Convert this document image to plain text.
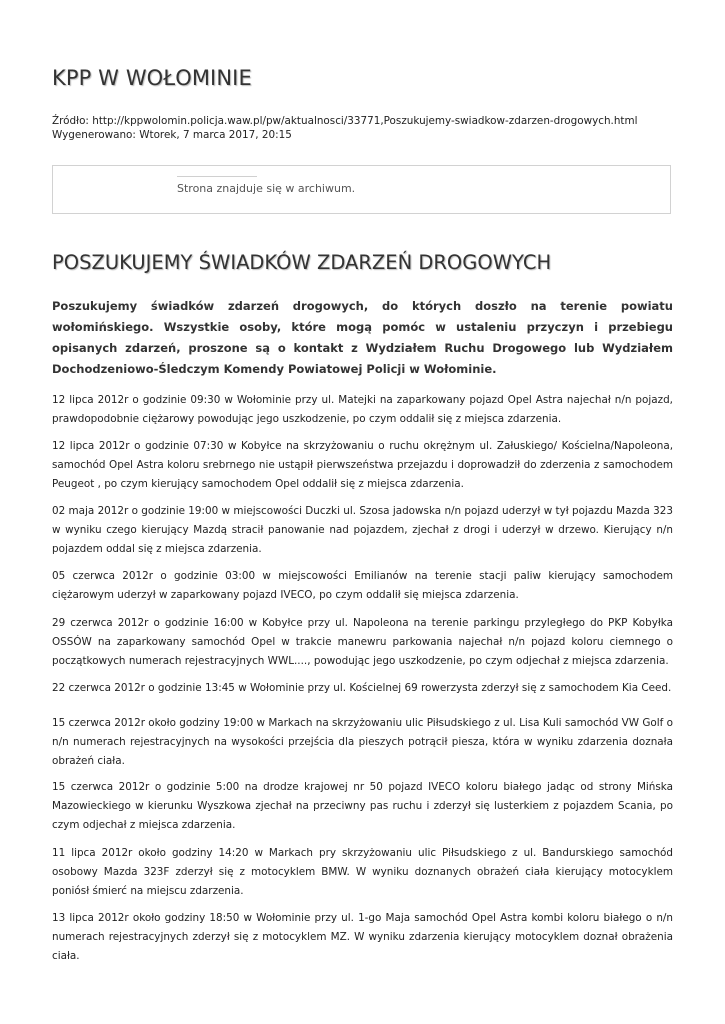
KPP W WOŁOMINIE
Źródło: http://kppwolomin.policja.waw.pl/pw/aktualnosci/33771,Poszukujemy-swiadkow-zdarzen-drogowych.html
Wygenerowano: Wtorek, 7 marca 2017, 20:15
Strona znajduje się w archiwum.
POSZUKUJEMY ŚWIADKÓW ZDARZEŃ DROGOWYCH

Poszukujemy świadków zdarzeń drogowych, do których doszło na terenie powiatu wołomińskiego. Wszystkie osoby, które mogą pomóc w ustaleniu przyczyn i przebiegu opisanych zdarzeń, proszone są o kontakt z Wydziałem Ruchu Drogowego lub Wydziałem Dochodzeniowo-Śledczym Komendy Powiatowej Policji w Wołominie.

12 lipca 2012r o godzinie 09:30 w Wołominie przy ul. Matejki na zaparkowany pojazd Opel Astra najechał n/n pojazd, prawdopodobnie ciężarowy powodując jego uszkodzenie, po czym oddalił się z miejsca zdarzenia.

12 lipca 2012r o godzinie 07:30 w Kobyłce na skrzyżowaniu o ruchu okrężnym ul. Załuskiego/ Kościelna/Napoleona, samochód Opel Astra koloru srebrnego nie ustąpił pierwszeństwa przejazdu i doprowadził do zderzenia z samochodem Peugeot , po czym kierujący samochodem Opel oddalił się z miejsca zdarzenia.

02 maja 2012r o godzinie 19:00 w miejscowości Duczki ul. Szosa jadowska n/n pojazd uderzył w tył pojazdu Mazda 323 w wyniku czego kierujący Mazdą stracił panowanie nad pojazdem, zjechał z drogi i uderzył w drzewo. Kierujący n/n pojazdem oddal się z miejsca zdarzenia.

05 czerwca 2012r o godzinie 03:00 w miejscowości Emilianów na terenie stacji paliw kierujący samochodem ciężarowym uderzył w zaparkowany pojazd IVECO, po czym oddalił się miejsca zdarzenia.

29 czerwca 2012r o godzinie 16:00 w Kobyłce przy ul. Napoleona na terenie parkingu przyległego do PKP Kobyłka OSSÓW na zaparkowany samochód Opel w trakcie manewru parkowania najechał n/n pojazd koloru ciemnego o początkowych numerach rejestracyjnych WWL...., powodując jego uszkodzenie, po czym odjechał z miejsca zdarzenia.

22 czerwca 2012r o godzinie 13:45 w Wołominie przy ul. Kościelnej 69 rowerzysta zderzył się z samochodem Kia Ceed.

15 czerwca 2012r około godziny 19:00 w Markach na skrzyżowaniu ulic Piłsudskiego z ul. Lisa Kuli samochód VW Golf o n/n numerach rejestracyjnych na wysokości przejścia dla pieszych potrącił piesza, która w wyniku zdarzenia doznała obrażeń ciała.

15 czerwca 2012r o godzinie 5:00 na drodze krajowej nr 50 pojazd IVECO koloru białego jadąc od strony Mińska Mazowieckiego w kierunku Wyszkowa zjechał na przeciwny pas ruchu i zderzył się lusterkiem z pojazdem Scania, po czym odjechał z miejsca zdarzenia.

11 lipca 2012r około godziny 14:20 w Markach pry skrzyżowaniu ulic Piłsudskiego z ul. Bandurskiego samochód osobowy Mazda 323F zderzył się z motocyklem BMW. W wyniku doznanych obrażeń ciała kierujący motocyklem poniósł śmierć na miejscu zdarzenia.

13 lipca 2012r około godziny 18:50 w Wołominie przy ul. 1-go Maja samochód Opel Astra kombi koloru białego o n/n numerach rejestracyjnych zderzył się z motocyklem MZ. W wyniku zdarzenia kierujący motocyklem doznał obrażenia ciała.
